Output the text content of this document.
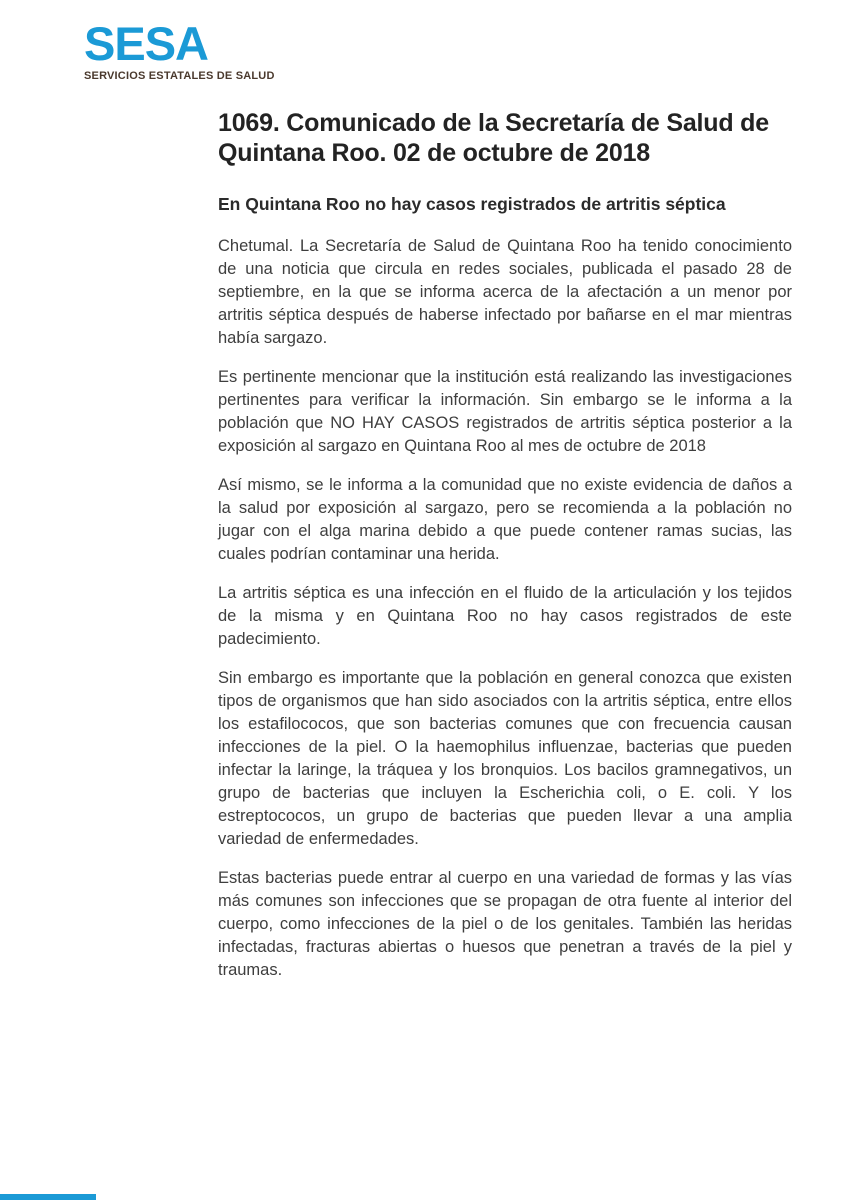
SESA
SERVICIOS ESTATALES DE SALUD
1069. Comunicado de la Secretaría de Salud de Quintana Roo. 02 de octubre de 2018
En Quintana Roo no hay casos registrados de artritis séptica

Chetumal. La Secretaría de Salud de Quintana Roo ha tenido conocimiento de una noticia que circula en redes sociales, publicada el pasado 28 de septiembre, en la que se informa acerca de la afectación a un menor por artritis séptica después de haberse infectado por bañarse en el mar mientras había sargazo.

Es pertinente mencionar que la institución está realizando las investigaciones pertinentes para verificar la información. Sin embargo se le informa a la población que NO HAY CASOS registrados de artritis séptica posterior a la exposición al sargazo en Quintana Roo al mes de octubre de 2018

Así mismo, se le informa a la comunidad que no existe evidencia de daños a la salud por exposición al sargazo, pero se recomienda a la población no jugar con el alga marina debido a que puede contener ramas sucias, las cuales podrían contaminar una herida.

La artritis séptica es una infección en el fluido de la articulación y los tejidos de la misma y en Quintana Roo no hay casos registrados de este padecimiento.

Sin embargo es importante que la población en general conozca que existen tipos de organismos que han sido asociados con la artritis séptica, entre ellos los estafilococos, que son bacterias comunes que con frecuencia causan infecciones de la piel. O la haemophilus influenzae, bacterias que pueden infectar la laringe, la tráquea y los bronquios. Los bacilos gramnegativos, un grupo de bacterias que incluyen la Escherichia coli, o E. coli. Y los estreptococos, un grupo de bacterias que pueden llevar a una amplia variedad de enfermedades.

Estas bacterias puede entrar al cuerpo en una variedad de formas y las vías más comunes son infecciones que se propagan de otra fuente al interior del cuerpo, como infecciones de la piel o de los genitales. También las heridas infectadas, fracturas abiertas o huesos que penetran a través de la piel y traumas.
